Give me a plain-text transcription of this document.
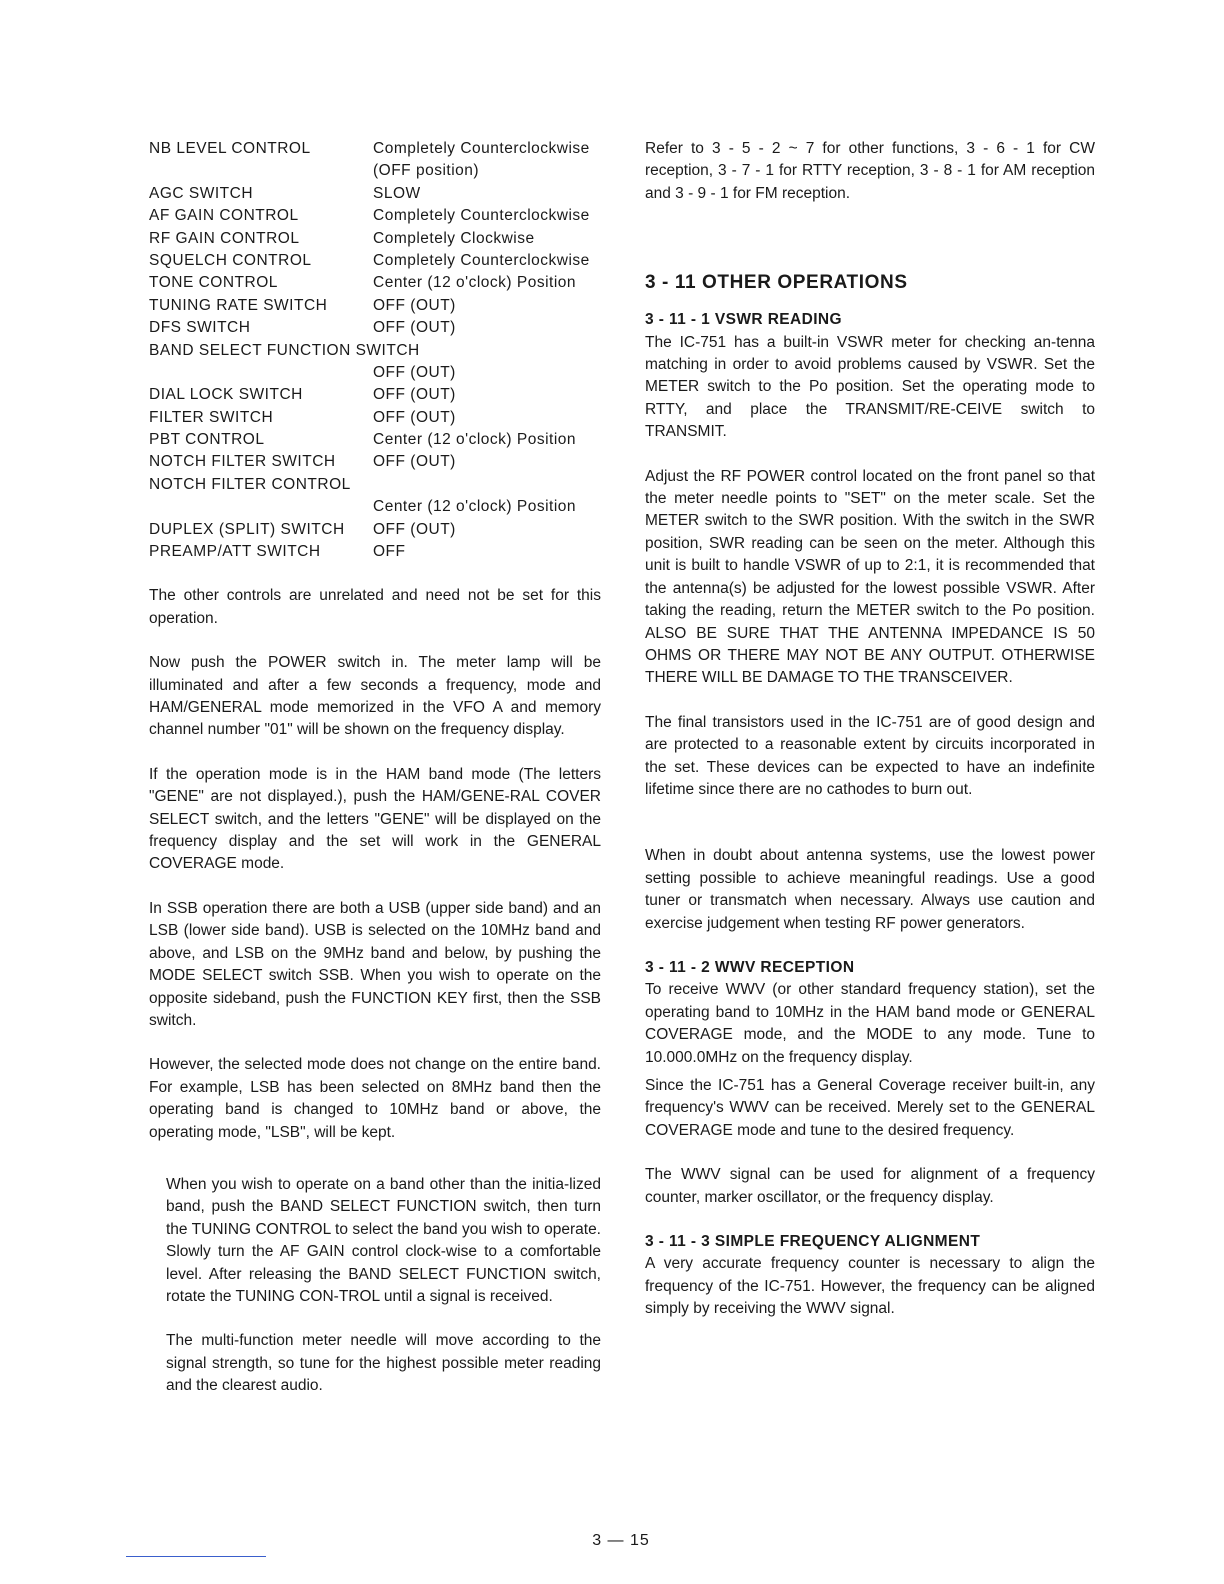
NB LEVEL CONTROL	Completely Counterclockwise
(OFF position)
AGC SWITCH	SLOW
AF GAIN CONTROL	Completely Counterclockwise
RF GAIN CONTROL	Completely Clockwise
SQUELCH CONTROL	Completely Counterclockwise
TONE CONTROL	Center (12 o'clock) Position
TUNING RATE SWITCH	OFF (OUT)
DFS SWITCH	OFF (OUT)
BAND SELECT FUNCTION SWITCH
OFF (OUT)
DIAL LOCK SWITCH	OFF (OUT)
FILTER SWITCH	OFF (OUT)
PBT CONTROL	Center (12 o'clock) Position
NOTCH FILTER SWITCH	OFF (OUT)
NOTCH FILTER CONTROL
Center (12 o'clock) Position
DUPLEX (SPLIT) SWITCH	OFF (OUT)
PREAMP/ATT SWITCH	OFF

The other controls are unrelated and need not be set for this operation.

Now push the POWER switch in. The meter lamp will be illuminated and after a few seconds a frequency, mode and HAM/GENERAL mode memorized in the VFO A and memory channel number "01" will be shown on the frequency display.

If the operation mode is in the HAM band mode (The letters "GENE" are not displayed.), push the HAM/GENE-RAL COVER SELECT switch, and the letters "GENE" will be displayed on the frequency display and the set will work in the GENERAL COVERAGE mode.

In SSB operation there are both a USB (upper side band) and an LSB (lower side band). USB is selected on the 10MHz band and above, and LSB on the 9MHz band and below, by pushing the MODE SELECT switch SSB. When you wish to operate on the opposite sideband, push the FUNCTION KEY first, then the SSB switch.

However, the selected mode does not change on the entire band. For example, LSB has been selected on 8MHz band then the operating band is changed to 10MHz band or above, the operating mode, "LSB", will be kept.

When you wish to operate on a band other than the initia-lized band, push the BAND SELECT FUNCTION switch, then turn the TUNING CONTROL to select the band you wish to operate. Slowly turn the AF GAIN control clock-wise to a comfortable level. After releasing the BAND SELECT FUNCTION switch, rotate the TUNING CON-TROL until a signal is received.

The multi-function meter needle will move according to the signal strength, so tune for the highest possible meter reading and the clearest audio.

Refer to 3 - 5 - 2 ~ 7 for other functions, 3 - 6 - 1 for CW reception, 3 - 7 - 1 for RTTY reception, 3 - 8 - 1 for AM reception and 3 - 9 - 1 for FM reception.

3 - 11 OTHER OPERATIONS
3 - 11 - 1 VSWR READING

The IC-751 has a built-in VSWR meter for checking an-tenna matching in order to avoid problems caused by VSWR. Set the METER switch to the Po position. Set the operating mode to RTTY, and place the TRANSMIT/RE-CEIVE switch to TRANSMIT.

Adjust the RF POWER control located on the front panel so that the meter needle points to "SET" on the meter scale. Set the METER switch to the SWR position. With the switch in the SWR position, SWR reading can be seen on the meter. Although this unit is built to handle VSWR of up to 2:1, it is recommended that the antenna(s) be adjusted for the lowest possible VSWR. After taking the reading, return the METER switch to the Po position. ALSO BE SURE THAT THE ANTENNA IMPEDANCE IS 50 OHMS OR THERE MAY NOT BE ANY OUTPUT. OTHERWISE THERE WILL BE DAMAGE TO THE TRANSCEIVER.

The final transistors used in the IC-751 are of good design and are protected to a reasonable extent by circuits incorporated in the set. These devices can be expected to have an indefinite lifetime since there are no cathodes to burn out.

When in doubt about antenna systems, use the lowest power setting possible to achieve meaningful readings. Use a good tuner or transmatch when necessary. Always use caution and exercise judgement when testing RF power generators.

3 - 11 - 2 WWV RECEPTION

To receive WWV (or other standard frequency station), set the operating band to 10MHz in the HAM band mode or GENERAL COVERAGE mode, and the MODE to any mode. Tune to 10.000.0MHz on the frequency display.

Since the IC-751 has a General Coverage receiver built-in, any frequency's WWV can be received. Merely set to the GENERAL COVERAGE mode and tune to the desired frequency.

The WWV signal can be used for alignment of a frequency counter, marker oscillator, or the frequency display.

3 - 11 - 3 SIMPLE FREQUENCY ALIGNMENT

A very accurate frequency counter is necessary to align the frequency of the IC-751. However, the frequency can be aligned simply by receiving the WWV signal.

3 — 15
